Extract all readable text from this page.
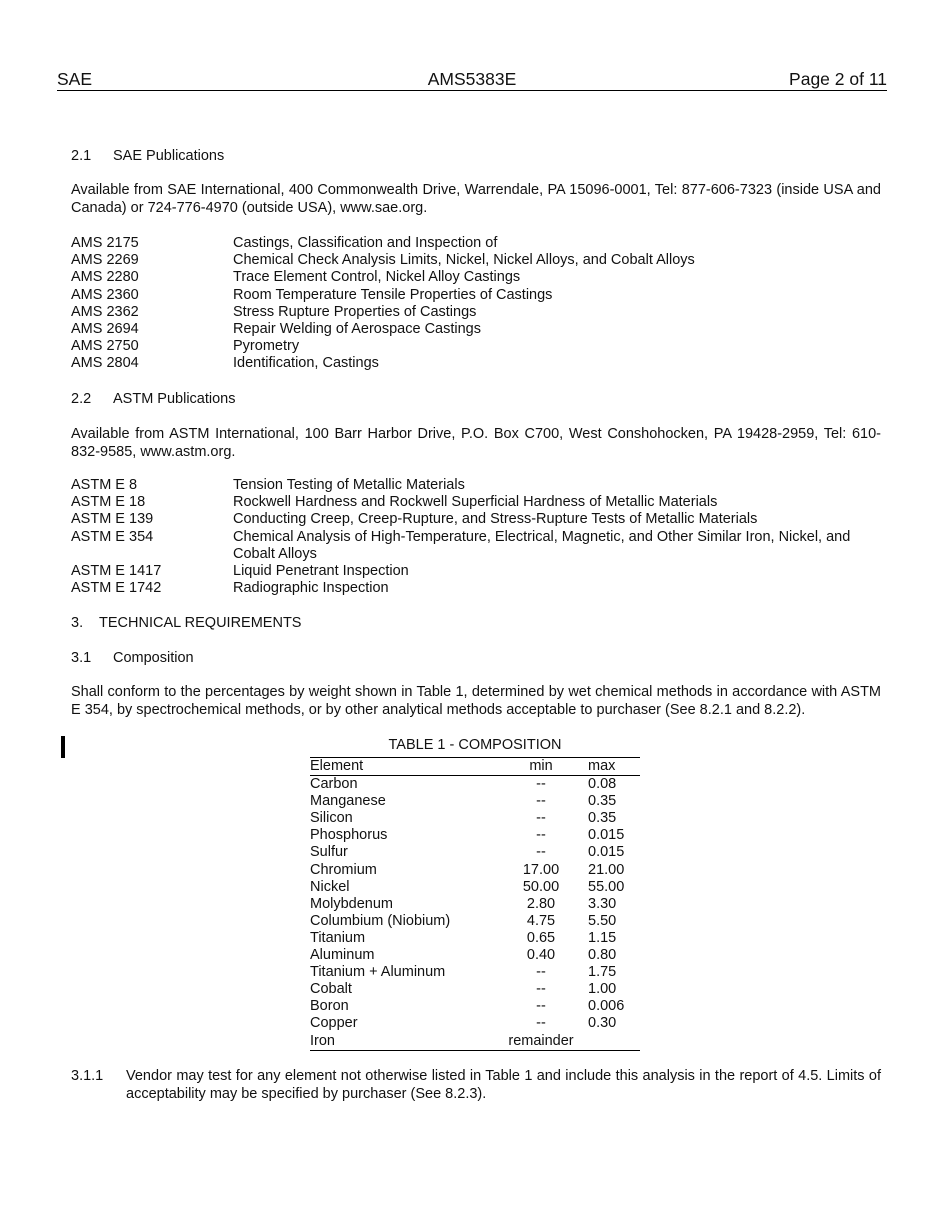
SAE	AMS5383E	Page 2 of 11
2.1 SAE Publications
Available from SAE International, 400 Commonwealth Drive, Warrendale, PA 15096-0001, Tel: 877-606-7323 (inside USA and Canada) or 724-776-4970 (outside USA), www.sae.org.
AMS 2175	Castings, Classification and Inspection of
AMS 2269	Chemical Check Analysis Limits, Nickel, Nickel Alloys, and Cobalt Alloys
AMS 2280	Trace Element Control, Nickel Alloy Castings
AMS 2360	Room Temperature Tensile Properties of Castings
AMS 2362	Stress Rupture Properties of Castings
AMS 2694	Repair Welding of Aerospace Castings
AMS 2750	Pyrometry
AMS 2804	Identification, Castings
2.2 ASTM Publications
Available from ASTM International, 100 Barr Harbor Drive, P.O. Box C700, West Conshohocken, PA 19428-2959, Tel: 610-832-9585, www.astm.org.
ASTM E 8	Tension Testing of Metallic Materials
ASTM E 18	Rockwell Hardness and Rockwell Superficial Hardness of Metallic Materials
ASTM E 139	Conducting Creep, Creep-Rupture, and Stress-Rupture Tests of Metallic Materials
ASTM E 354	Chemical Analysis of High-Temperature, Electrical, Magnetic, and Other Similar Iron, Nickel, and Cobalt Alloys
ASTM E 1417	Liquid Penetrant Inspection
ASTM E 1742	Radiographic Inspection
3. TECHNICAL REQUIREMENTS
3.1 Composition
Shall conform to the percentages by weight shown in Table 1, determined by wet chemical methods in accordance with ASTM E 354, by spectrochemical methods, or by other analytical methods acceptable to purchaser (See 8.2.1 and 8.2.2).
TABLE 1 - COMPOSITION
Element	min	max
Carbon	--	0.08
Manganese	--	0.35
Silicon	--	0.35
Phosphorus	--	0.015
Sulfur	--	0.015
Chromium	17.00	21.00
Nickel	50.00	55.00
Molybdenum	2.80	3.30
Columbium (Niobium)	4.75	5.50
Titanium	0.65	1.15
Aluminum	0.40	0.80
Titanium + Aluminum	--	1.75
Cobalt	--	1.00
Boron	--	0.006
Copper	--	0.30
Iron	remainder	
3.1.1	Vendor may test for any element not otherwise listed in Table 1 and include this analysis in the report of 4.5. Limits of acceptability may be specified by purchaser (See 8.2.3).
